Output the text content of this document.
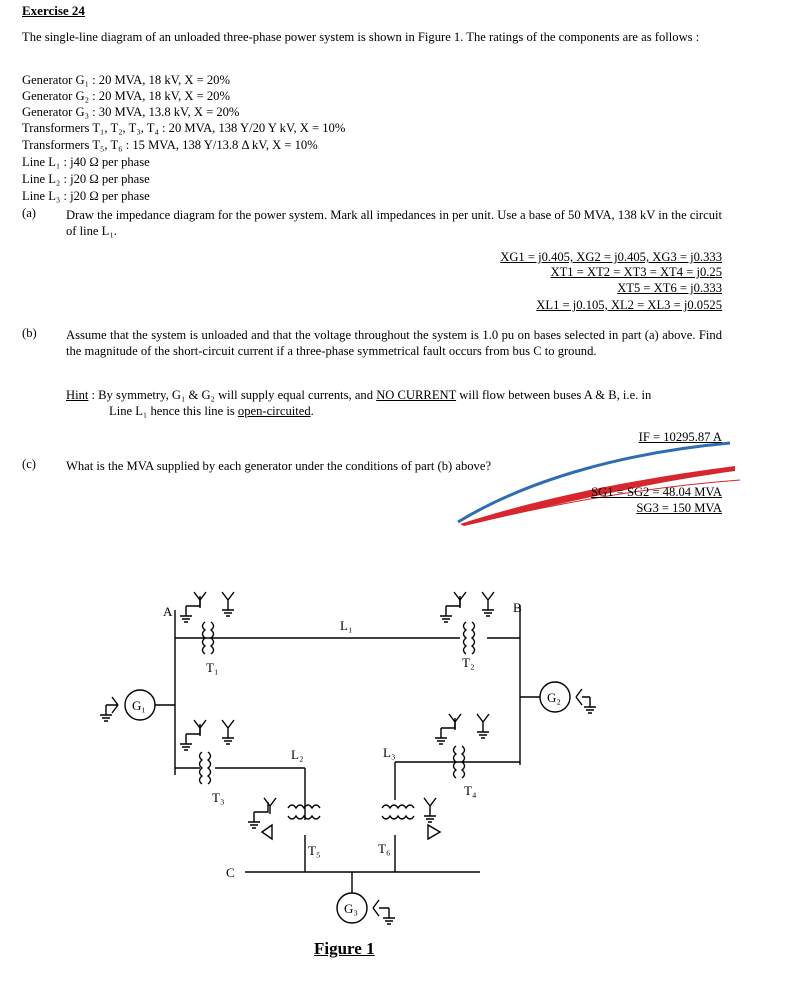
Exercise 24
The single-line diagram of an unloaded three-phase power system is shown in Figure 1. The ratings of the components are as follows :
Generator G₁ : 20 MVA, 18 kV, X = 20%
Generator G₂ : 20 MVA, 18 kV, X = 20%
Generator G₃ : 30 MVA, 13.8 kV, X = 20%
Transformers T₁, T₂, T₃, T₄ : 20 MVA, 138 Y/20 Y kV, X = 10%
Transformers T₅, T₆ : 15 MVA, 138 Y/13.8 Δ kV, X = 10%
Line L₁ : j40 Ω per phase
Line L₂ : j20 Ω per phase
Line L₃ : j20 Ω per phase
(a) Draw the impedance diagram for the power system. Mark all impedances in per unit. Use a base of 50 MVA, 138 kV in the circuit of line L₁.
XG1 = j0.405, XG2 = j0.405, XG3 = j0.333
XT1 = XT2 = XT3 = XT4 = j0.25
XT5 = XT6 = j0.333
XL1 = j0.105, XL2 = XL3 = j0.0525
(b) Assume that the system is unloaded and that the voltage throughout the system is 1.0 pu on bases selected in part (a) above. Find the magnitude of the short-circuit current if a three-phase symmetrical fault occurs from bus C to ground.
Hint : By symmetry, G₁ & G₂ will supply equal currents, and NO CURRENT will flow between buses A & B, i.e. in
Line L₁ hence this line is open-circuited.
IF = 10295.87 A
(c) What is the MVA supplied by each generator under the conditions of part (b) above?
SG1 = SG2 = 48.04 MVA
SG3 = 150 MVA
A	B
C
L₁
L₂	L₃
T₁	T₂
T₃	T₄
T₅	T₆
G₁
G₂
G₃
Figure 1
